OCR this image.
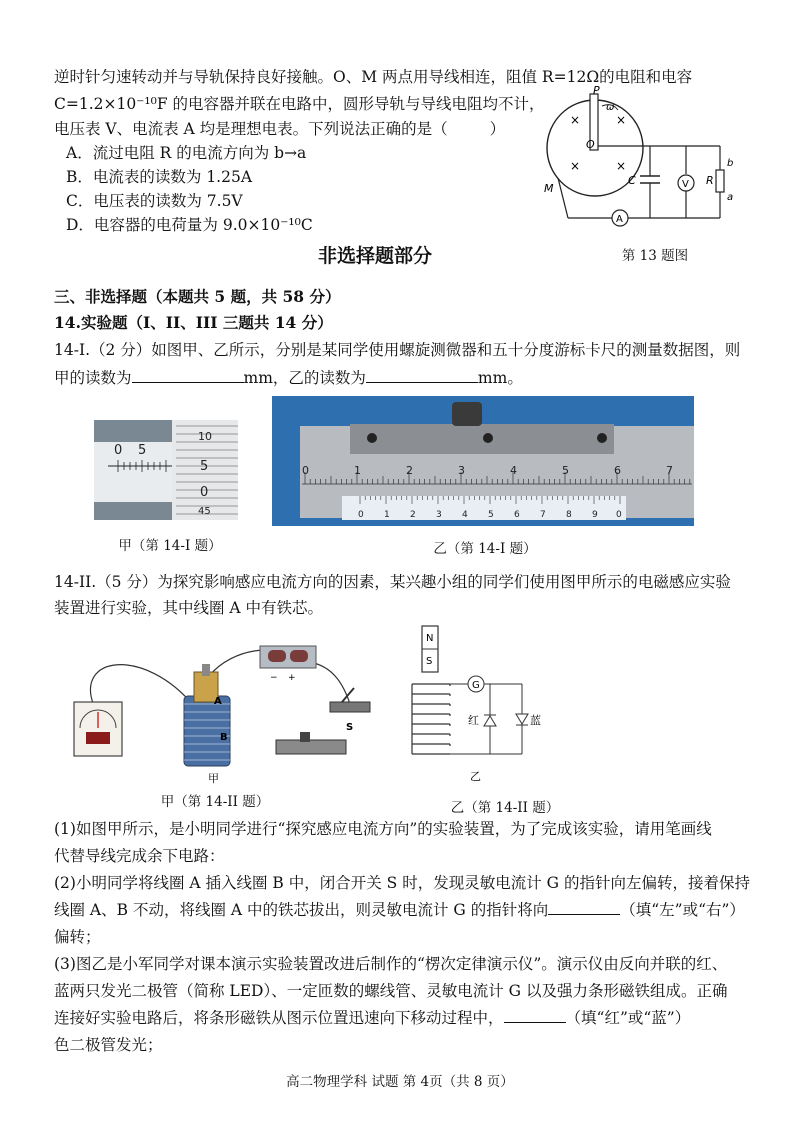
逆时针匀速转动并与导轨保持良好接触。O、M 两点用导线相连，阻值 R=12Ω的电阻和电容
C=1.2×10⁻¹⁰F 的电容器并联在电路中，圆形导轨与导线电阻均不计，
电压表 V、电流表 A 均是理想电表。下列说法正确的是（	）
A．流过电阻 R 的电流方向为 b→a
B．电流表的读数为 1.25A
C．电压表的读数为 7.5V
D．电容器的电荷量为 9.0×10⁻¹⁰C
×	×
×	×
ω
P
O
M
C	V R
b
a
A
第 13 题图
非选择题部分
三、非选择题（本题共 5 题，共 58 分）
14.实验题（I、II、III 三题共 14 分）
14-I.（2 分）如图甲、乙所示，分别是某同学使用螺旋测微器和五十分度游标卡尺的测量数据图，则
甲的读数为	mm，乙的读数为	mm。
0 5
10
5
0
45
甲（第 14-I 题）
0	1	2	3	4	5	6	7
0 1 2 3 4 5 6 7 8 9 0
乙（第 14-I 题）
14-II.（5 分）为探究影响感应电流方向的因素，某兴趣小组的同学们使用图甲所示的电磁感应实验
装置进行实验，其中线圈 A 中有铁芯。
A
B
− +
S
甲
甲（第 14-II 题）
N
S
G
红	蓝
乙
乙（第 14-II 题）
(1)如图甲所示，是小明同学进行“探究感应电流方向”的实验装置，为了完成该实验，请用笔画线
代替导线完成余下电路：
(2)小明同学将线圈 A 插入线圈 B 中，闭合开关 S 时，发现灵敏电流计 G 的指针向左偏转，接着保持
线圈 A、B 不动，将线圈 A 中的铁芯拔出，则灵敏电流计 G 的指针将向	（填“左”或“右”）
偏转；
(3)图乙是小军同学对课本演示实验装置改进后制作的“楞次定律演示仪”。演示仪由反向并联的红、
蓝两只发光二极管（简称 LED）、一定匝数的螺线管、灵敏电流计 G 以及强力条形磁铁组成。正确
连接好实验电路后，将条形磁铁从图示位置迅速向下移动过程中，	（填“红”或“蓝”）
色二极管发光；
高二物理学科 试题 第 4页（共 8 页）
